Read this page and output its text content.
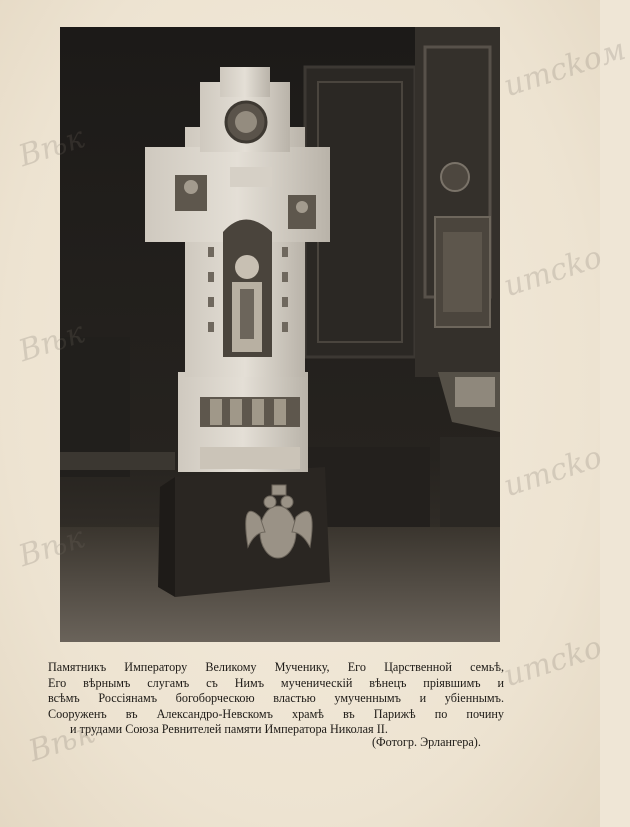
Памятникъ Императору Великому Мученику, Его Царственной семьѣ,
Его вѣрнымъ слугамъ съ Нимъ мученическiй вѣнецъ прiявшимъ и
всѣмъ Россiянамъ богоборческою властью умученнымъ и убiеннымъ.
Сооруженъ въ Александро-Невскомъ храмѣ въ Парижѣ по почину
и трудами Союза Ревнителей памяти Императора Николая II.
(Фотогр. Эрлангера).
Вѣк
итсkoм
Вѣк
итсko
Вѣк
итсko
Вѣк
итсko
